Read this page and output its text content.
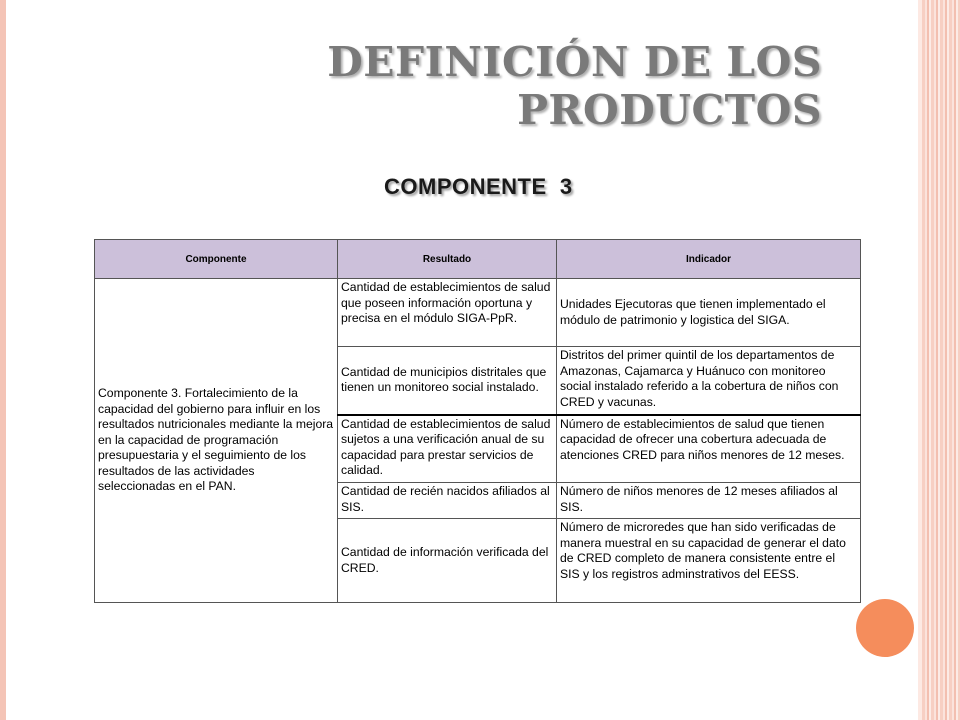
DEFINICIÓN DE LOS
PRODUCTOS
COMPONENTE  3
Componente	Resultado	Indicador
Componente 3. Fortalecimiento de la capacidad del gobierno para influir en los resultados nutricionales mediante la mejora en la capacidad de programación presupuestaria y el seguimiento de los resultados de las actividades seleccionadas en el PAN.	Cantidad de establecimientos de salud que poseen información oportuna y precisa en el módulo SIGA-PpR.	Unidades Ejecutoras que tienen implementado el módulo de patrimonio y logistica del SIGA.
	Cantidad de municipios distritales que tienen un monitoreo social instalado.	Distritos del primer quintil de los departamentos de Amazonas, Cajamarca y Huánuco con monitoreo social instalado referido a la cobertura de niños con CRED y vacunas.
	Cantidad de establecimientos de salud sujetos a una verificación anual de su capacidad para prestar servicios de calidad.	Número de establecimientos de salud que tienen capacidad de ofrecer una cobertura adecuada de atenciones CRED para niños menores de 12 meses.
	Cantidad de recién nacidos afiliados al SIS.	Número de niños menores de 12 meses afiliados al SIS.
	Cantidad de información verificada del CRED.	Número de microredes que han sido verificadas de manera muestral en su capacidad de generar el dato de CRED completo de manera consistente entre el SIS y los registros adminstrativos del EESS.
